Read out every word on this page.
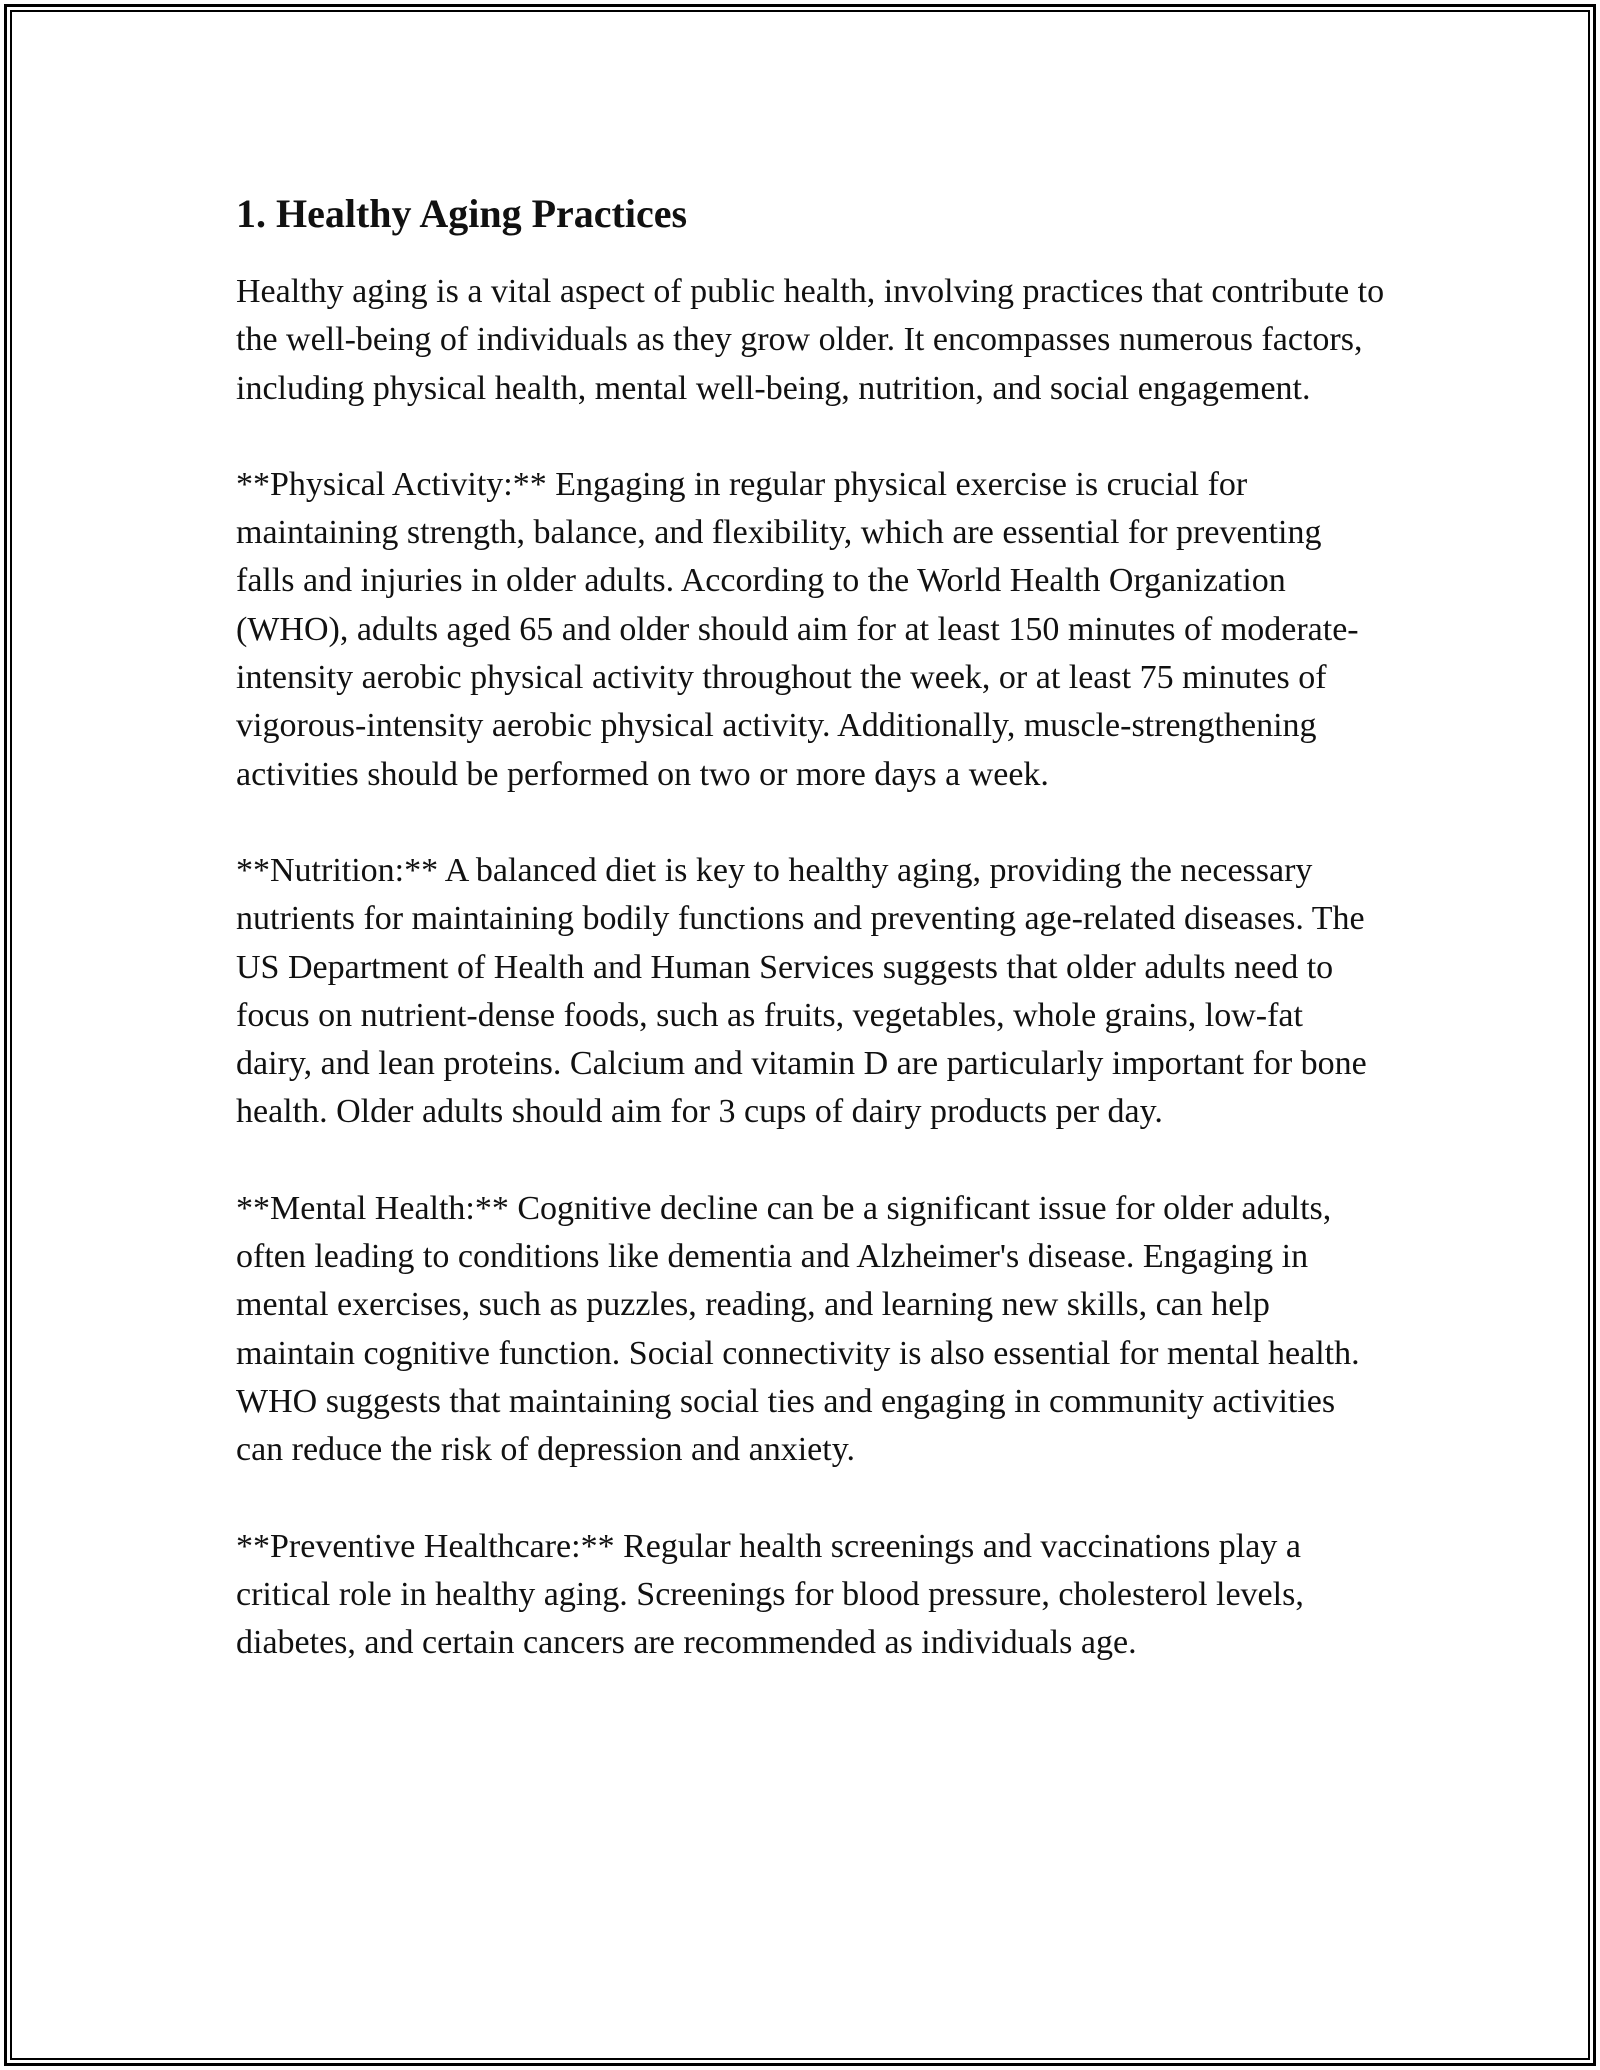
1. Healthy Aging Practices

Healthy aging is a vital aspect of public health, involving practices that contribute to the well-being of individuals as they grow older. It encompasses numerous factors, including physical health, mental well-being, nutrition, and social engagement.

**Physical Activity:** Engaging in regular physical exercise is crucial for maintaining strength, balance, and flexibility, which are essential for preventing falls and injuries in older adults. According to the World Health Organization (WHO), adults aged 65 and older should aim for at least 150 minutes of moderate-intensity aerobic physical activity throughout the week, or at least 75 minutes of vigorous-intensity aerobic physical activity. Additionally, muscle-strengthening activities should be performed on two or more days a week.

**Nutrition:** A balanced diet is key to healthy aging, providing the necessary nutrients for maintaining bodily functions and preventing age-related diseases. The US Department of Health and Human Services suggests that older adults need to focus on nutrient-dense foods, such as fruits, vegetables, whole grains, low-fat dairy, and lean proteins. Calcium and vitamin D are particularly important for bone health. Older adults should aim for 3 cups of dairy products per day.

**Mental Health:** Cognitive decline can be a significant issue for older adults, often leading to conditions like dementia and Alzheimer's disease. Engaging in mental exercises, such as puzzles, reading, and learning new skills, can help maintain cognitive function. Social connectivity is also essential for mental health. WHO suggests that maintaining social ties and engaging in community activities can reduce the risk of depression and anxiety.

**Preventive Healthcare:** Regular health screenings and vaccinations play a critical role in healthy aging. Screenings for blood pressure, cholesterol levels, diabetes, and certain cancers are recommended as individuals age.
